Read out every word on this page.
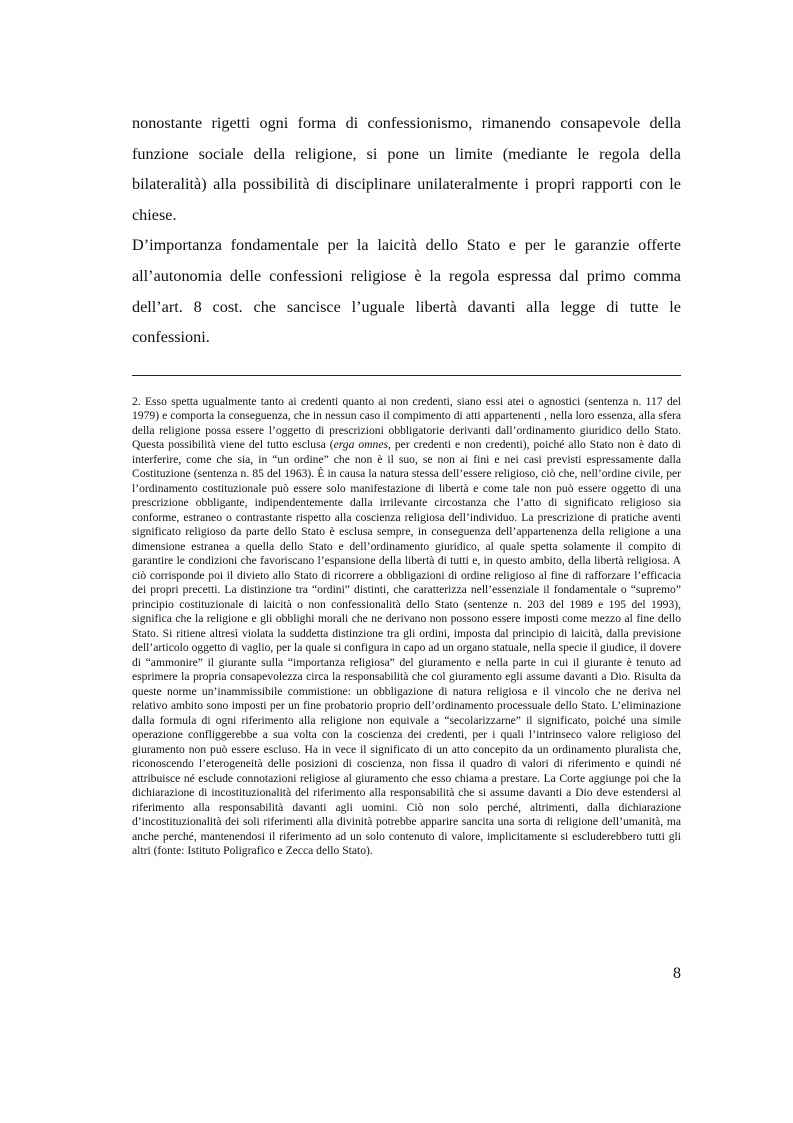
nonostante rigetti ogni forma di confessionismo, rimanendo consapevole della funzione sociale della religione, si pone un limite (mediante le regola della bilateralità) alla possibilità di disciplinare unilateralmente i propri rapporti con le chiese.

D’importanza fondamentale per la laicità dello Stato e per le garanzie offerte all’autonomia delle confessioni religiose è la regola espressa dal primo comma dell’art. 8 cost. che sancisce l’uguale libertà davanti alla legge di tutte le confessioni.

2. Esso spetta ugualmente tanto ai credenti quanto ai non credenti, siano essi atei o agnostici (sentenza n. 117 del 1979) e comporta la conseguenza, che in nessun caso il compimento di atti appartenenti , nella loro essenza, alla sfera della religione possa essere l’oggetto di prescrizioni obbligatorie derivanti dall’ordinamento giuridico dello Stato. Questa possibilità viene del tutto esclusa (erga omnes, per credenti e non credenti), poiché allo Stato non è dato di interferire, come che sia, in “un ordine” che non è il suo, se non ai fini e nei casi previsti espressamente dalla Costituzione (sentenza n. 85 del 1963). È in causa la natura stessa dell’essere religioso, ciò che, nell’ordine civile, per l’ordinamento costituzionale può essere solo manifestazione di libertà e come tale non può essere oggetto di una prescrizione obbligante, indipendentemente dalla irrilevante circostanza che l’atto di significato religioso sia conforme, estraneo o contrastante rispetto alla coscienza religiosa dell’individuo. La prescrizione di pratiche aventi significato religioso da parte dello Stato è esclusa sempre, in conseguenza dell’appartenenza della religione a una dimensione estranea a quella dello Stato e dell’ordinamento giuridico, al quale spetta solamente il compito di garantire le condizioni che favoriscano l’espansione della libertà di tutti e, in questo ambito, della libertà religiosa. A ciò corrisponde poi il divieto allo Stato di ricorrere a obbligazioni di ordine religioso al fine di rafforzare l’efficacia dei propri precetti. La distinzione tra “ordini” distinti, che caratterizza nell’essenziale il fondamentale o “supremo” principio costituzionale di laicità o non confessionalità dello Stato (sentenze n. 203 del 1989 e 195 del 1993), significa che la religione e gli obblighi morali che ne derivano non possono essere imposti come mezzo al fine dello Stato. Si ritiene altresì violata la suddetta distinzione tra gli ordini, imposta dal principio di laicità, dalla previsione dell’articolo oggetto di vaglio, per la quale si configura in capo ad un organo statuale, nella specie il giudice, il dovere di “ammonire” il giurante sulla “importanza religiosa” del giuramento e nella parte in cui il giurante è tenuto ad esprimere la propria consapevolezza circa la responsabilità che col giuramento egli assume davanti a Dio. Risulta da queste norme un’inammissibile commistione: un obbligazione di natura religiosa e il vincolo che ne deriva nel relativo ambito sono imposti per un fine probatorio proprio dell’ordinamento processuale dello Stato. L’eliminazione dalla formula di ogni riferimento alla religione non equivale a “secolarizzarne” il significato, poiché una simile operazione confliggerebbe a sua volta con la coscienza dei credenti, per i quali l’intrinseco valore religioso del giuramento non può essere escluso. Ha in vece il significato di un atto concepito da un ordinamento pluralista che, riconoscendo l’eterogeneità delle posizioni di coscienza, non fissa il quadro di valori di riferimento e quindi né attribuisce né esclude connotazioni religiose al giuramento che esso chiama a prestare. La Corte aggiunge poi che la dichiarazione di incostituzionalità del riferimento alla responsabilità che si assume davanti a Dio deve estendersi al riferimento alla responsabilità davanti agli uomini. Ciò non solo perché, altrimenti, dalla dichiarazione d’incostituzionalità dei soli riferimenti alla divinità potrebbe apparire sancita una sorta di religione dell’umanità, ma anche perché, mantenendosi il riferimento ad un solo contenuto di valore, implicitamente si escluderebbero tutti gli altri (fonte: Istituto Poligrafico e Zecca dello Stato).

8
